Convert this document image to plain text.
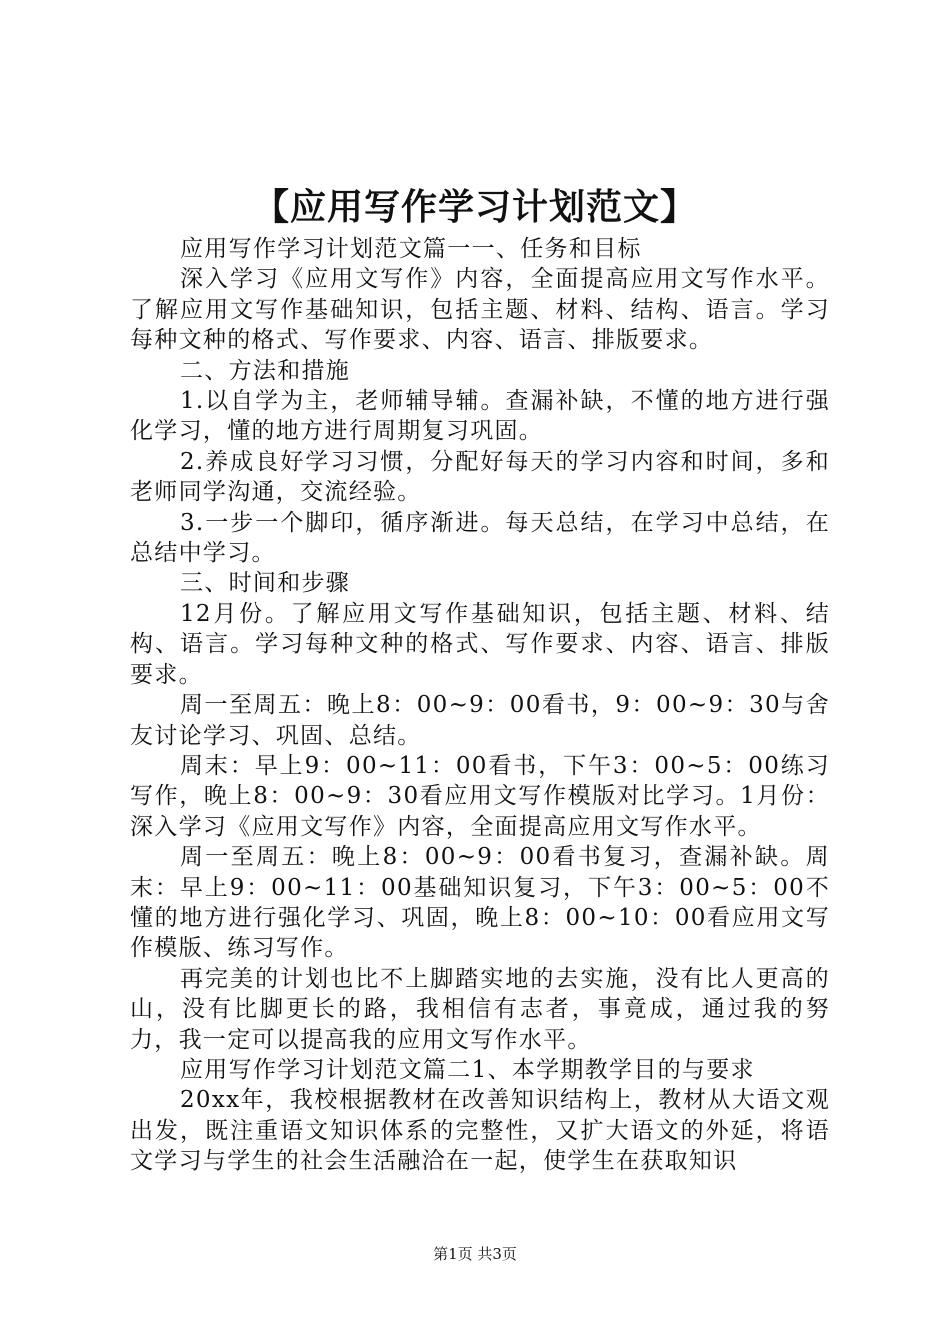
【应用写作学习计划范文】

应用写作学习计划范文篇一一、任务和目标

深入学习《应用文写作》内容，全面提高应用文写作水平。了解应用文写作基础知识，包括主题、材料、结构、语言。学习每种文种的格式、写作要求、内容、语言、排版要求。

二、方法和措施

1.以自学为主，老师辅导辅。查漏补缺，不懂的地方进行强化学习，懂的地方进行周期复习巩固。

2.养成良好学习习惯，分配好每天的学习内容和时间，多和老师同学沟通，交流经验。

3.一步一个脚印，循序渐进。每天总结，在学习中总结，在总结中学习。

三、时间和步骤

12月份。了解应用文写作基础知识，包括主题、材料、结构、语言。学习每种文种的格式、写作要求、内容、语言、排版要求。

周一至周五：晚上8：00~9：00看书，9：00~9：30与舍友讨论学习、巩固、总结。

周末：早上9：00~11：00看书，下午3：00~5：00练习写作，晚上8：00~9：30看应用文写作模版对比学习。1月份：深入学习《应用文写作》内容，全面提高应用文写作水平。

周一至周五：晚上8：00~9：00看书复习，查漏补缺。周末：早上9：00~11：00基础知识复习，下午3：00~5：00不懂的地方进行强化学习、巩固，晚上8：00~10：00看应用文写作模版、练习写作。

再完美的计划也比不上脚踏实地的去实施，没有比人更高的山，没有比脚更长的路，我相信有志者，事竟成，通过我的努力，我一定可以提高我的应用文写作水平。

应用写作学习计划范文篇二1、本学期教学目的与要求

20xx年，我校根据教材在改善知识结构上，教材从大语文观出发，既注重语文知识体系的完整性，又扩大语文的外延，将语文学习与学生的社会生活融洽在一起，使学生在获取知识

第1页 共3页
